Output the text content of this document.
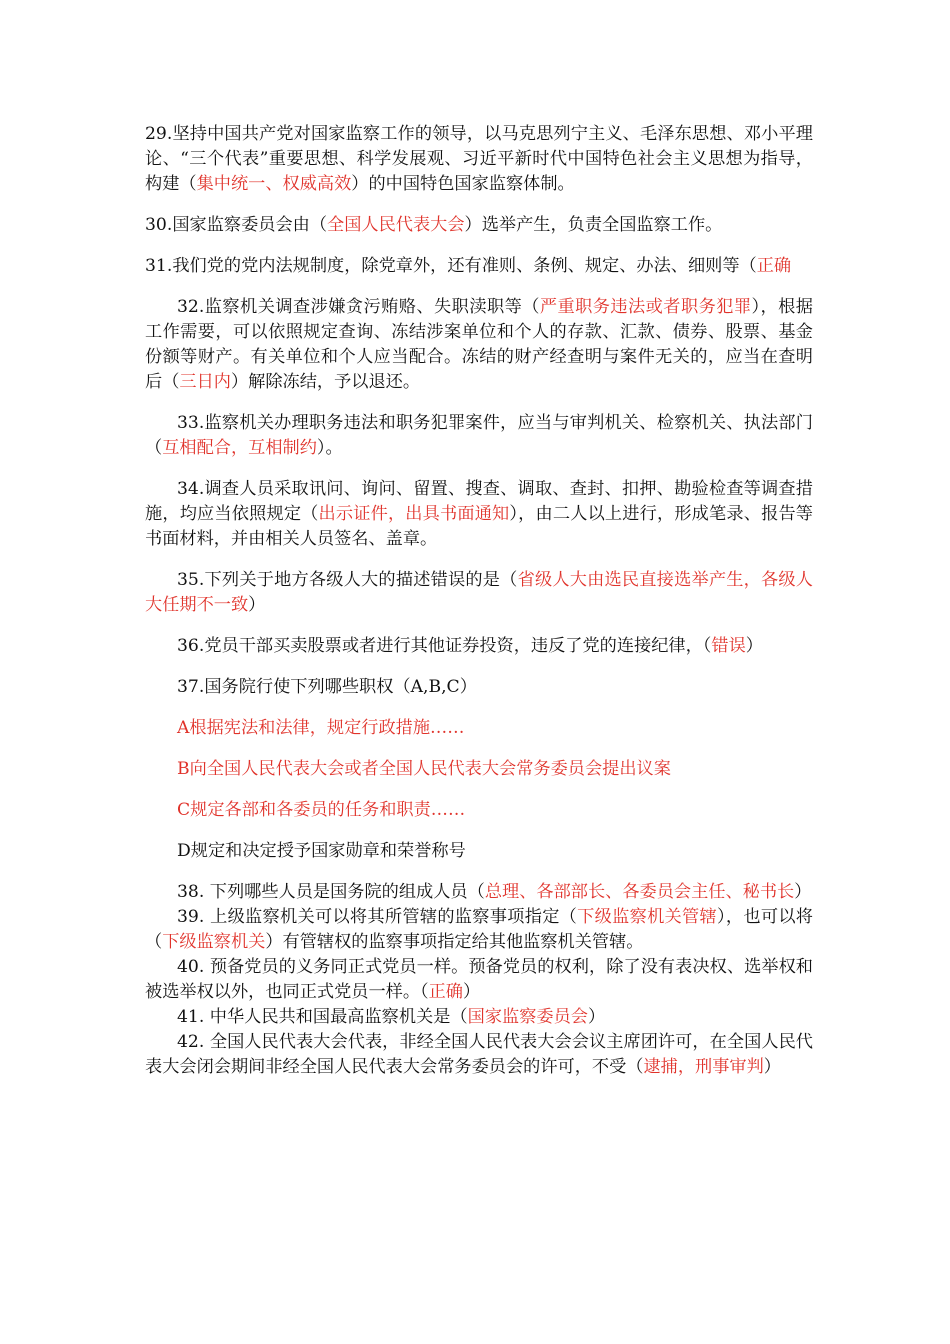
29.坚持中国共产党对国家监察工作的领导，以马克思列宁主义、毛泽东思想、邓小平理论、“三个代表”重要思想、科学发展观、习近平新时代中国特色社会主义思想为指导，构建（集中统一、权威高效）的中国特色国家监察体制。

30.国家监察委员会由（全国人民代表大会）选举产生，负责全国监察工作。

31.我们党的党内法规制度，除党章外，还有准则、条例、规定、办法、细则等（正确

32.监察机关调查涉嫌贪污贿赂、失职渎职等（严重职务违法或者职务犯罪），根据工作需要，可以依照规定查询、冻结涉案单位和个人的存款、汇款、债券、股票、基金份额等财产。有关单位和个人应当配合。冻结的财产经查明与案件无关的，应当在查明后（三日内）解除冻结，予以退还。

33.监察机关办理职务违法和职务犯罪案件，应当与审判机关、检察机关、执法部门（互相配合，互相制约）。

34.调查人员采取讯问、询问、留置、搜查、调取、查封、扣押、勘验检查等调查措施，均应当依照规定（出示证件，出具书面通知），由二人以上进行，形成笔录、报告等书面材料，并由相关人员签名、盖章。

35.下列关于地方各级人大的描述错误的是（省级人大由选民直接选举产生，各级人大任期不一致）

36.党员干部买卖股票或者进行其他证券投资，违反了党的连接纪律，（错误）

37.国务院行使下列哪些职权（A,B,C）

A根据宪法和法律，规定行政措施……

B向全国人民代表大会或者全国人民代表大会常务委员会提出议案

C规定各部和各委员的任务和职责……

D规定和决定授予国家勋章和荣誉称号

38. 下列哪些人员是国务院的组成人员（总理、各部部长、各委员会主任、秘书长）

39. 上级监察机关可以将其所管辖的监察事项指定（下级监察机关管辖），也可以将（下级监察机关）有管辖权的监察事项指定给其他监察机关管辖。

40. 预备党员的义务同正式党员一样。预备党员的权利，除了没有表决权、选举权和被选举权以外，也同正式党员一样。（正确）

41. 中华人民共和国最高监察机关是（国家监察委员会）

42. 全国人民代表大会代表，非经全国人民代表大会会议主席团许可，在全国人民代表大会闭会期间非经全国人民代表大会常务委员会的许可，不受（逮捕，刑事审判）
